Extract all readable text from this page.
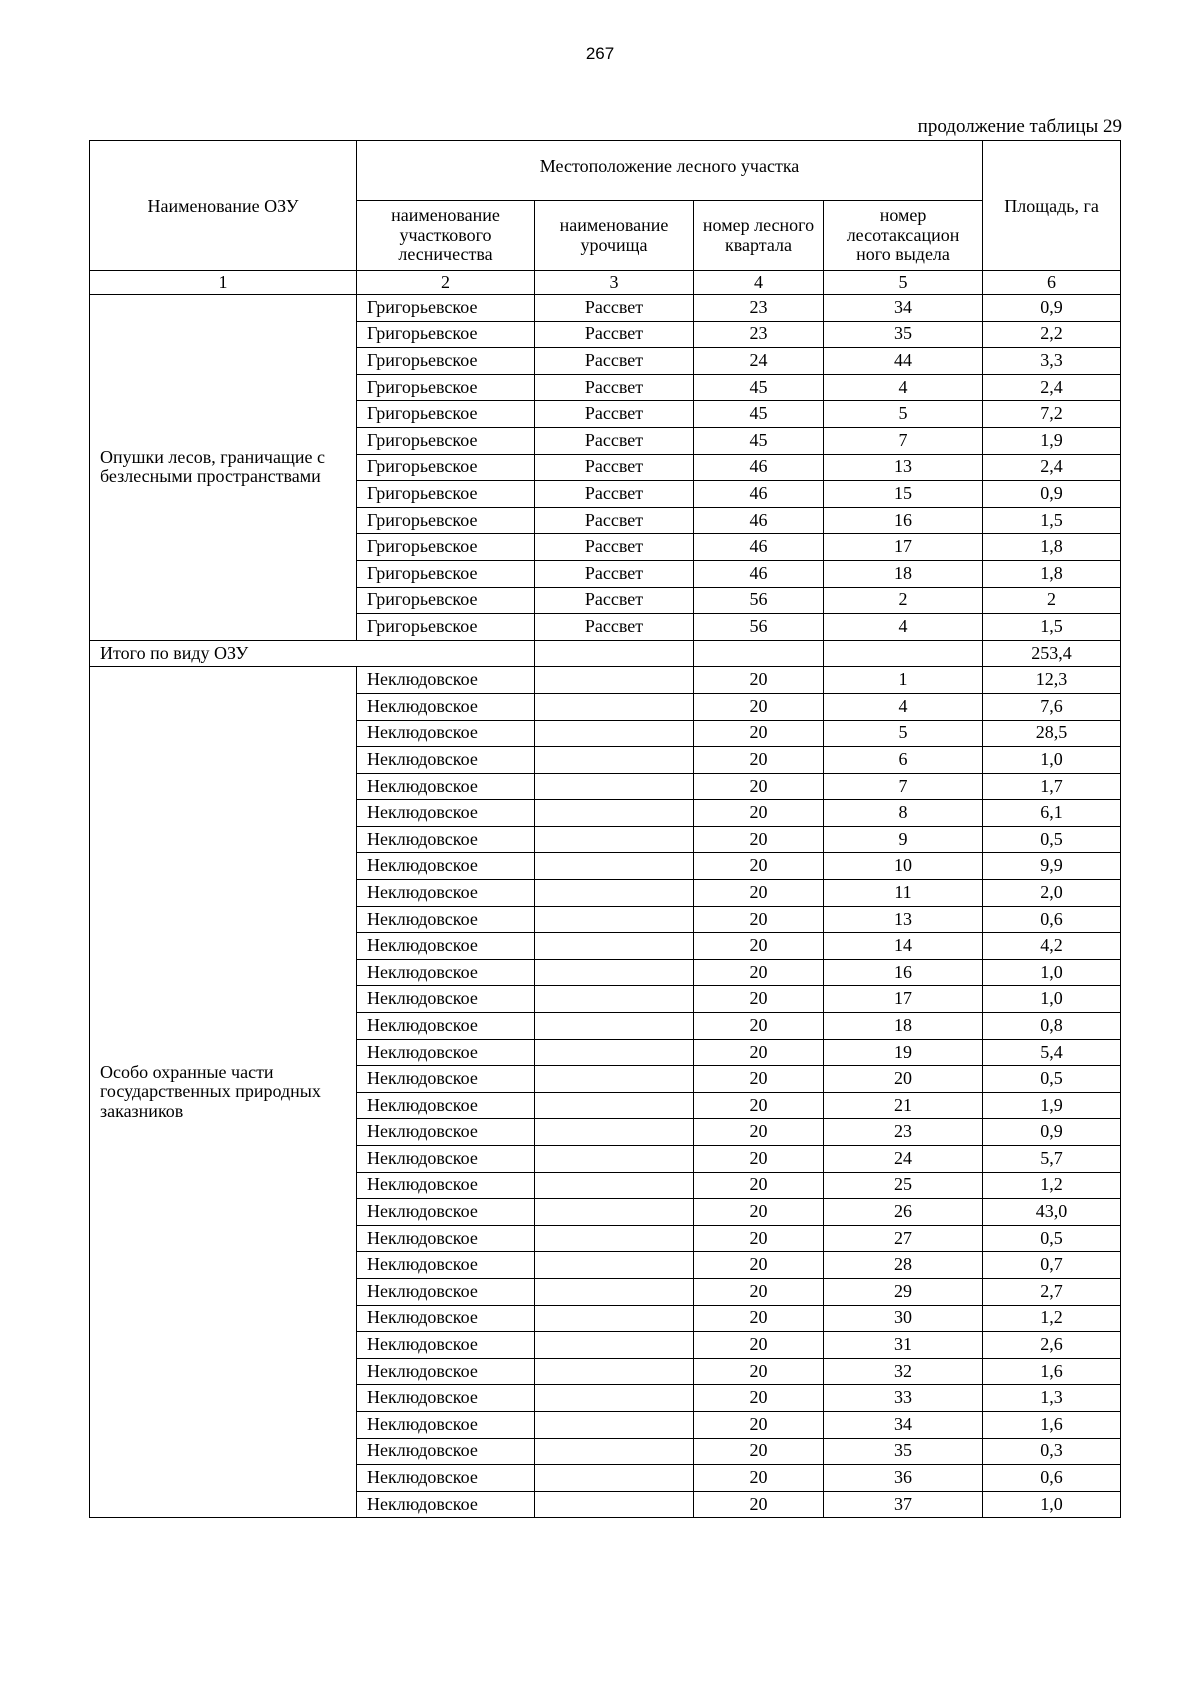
267
продолжение таблицы 29
Наименование ОЗУ	Местоположение лесного участка				Площадь, га
	наименование участкового лесничества	наименование урочища	номер лесного квартала	номер лесотаксацион ного выдела	
1	2	3	4	5	6
Опушки лесов, граничащие с безлесными пространствами	Григорьевское	Рассвет	23	34	0,9
	Григорьевское	Рассвет	23	35	2,2
	Григорьевское	Рассвет	24	44	3,3
	Григорьевское	Рассвет	45	4	2,4
	Григорьевское	Рассвет	45	5	7,2
	Григорьевское	Рассвет	45	7	1,9
	Григорьевское	Рассвет	46	13	2,4
	Григорьевское	Рассвет	46	15	0,9
	Григорьевское	Рассвет	46	16	1,5
	Григорьевское	Рассвет	46	17	1,8
	Григорьевское	Рассвет	46	18	1,8
	Григорьевское	Рассвет	56	2	2
	Григорьевское	Рассвет	56	4	1,5
Итого по виду ОЗУ					253,4
Особо охранные части государственных природных заказников	Неклюдовское		20	1	12,3
	Неклюдовское		20	4	7,6
	Неклюдовское		20	5	28,5
	Неклюдовское		20	6	1,0
	Неклюдовское		20	7	1,7
	Неклюдовское		20	8	6,1
	Неклюдовское		20	9	0,5
	Неклюдовское		20	10	9,9
	Неклюдовское		20	11	2,0
	Неклюдовское		20	13	0,6
	Неклюдовское		20	14	4,2
	Неклюдовское		20	16	1,0
	Неклюдовское		20	17	1,0
	Неклюдовское		20	18	0,8
	Неклюдовское		20	19	5,4
	Неклюдовское		20	20	0,5
	Неклюдовское		20	21	1,9
	Неклюдовское		20	23	0,9
	Неклюдовское		20	24	5,7
	Неклюдовское		20	25	1,2
	Неклюдовское		20	26	43,0
	Неклюдовское		20	27	0,5
	Неклюдовское		20	28	0,7
	Неклюдовское		20	29	2,7
	Неклюдовское		20	30	1,2
	Неклюдовское		20	31	2,6
	Неклюдовское		20	32	1,6
	Неклюдовское		20	33	1,3
	Неклюдовское		20	34	1,6
	Неклюдовское		20	35	0,3
	Неклюдовское		20	36	0,6
	Неклюдовское		20	37	1,0
